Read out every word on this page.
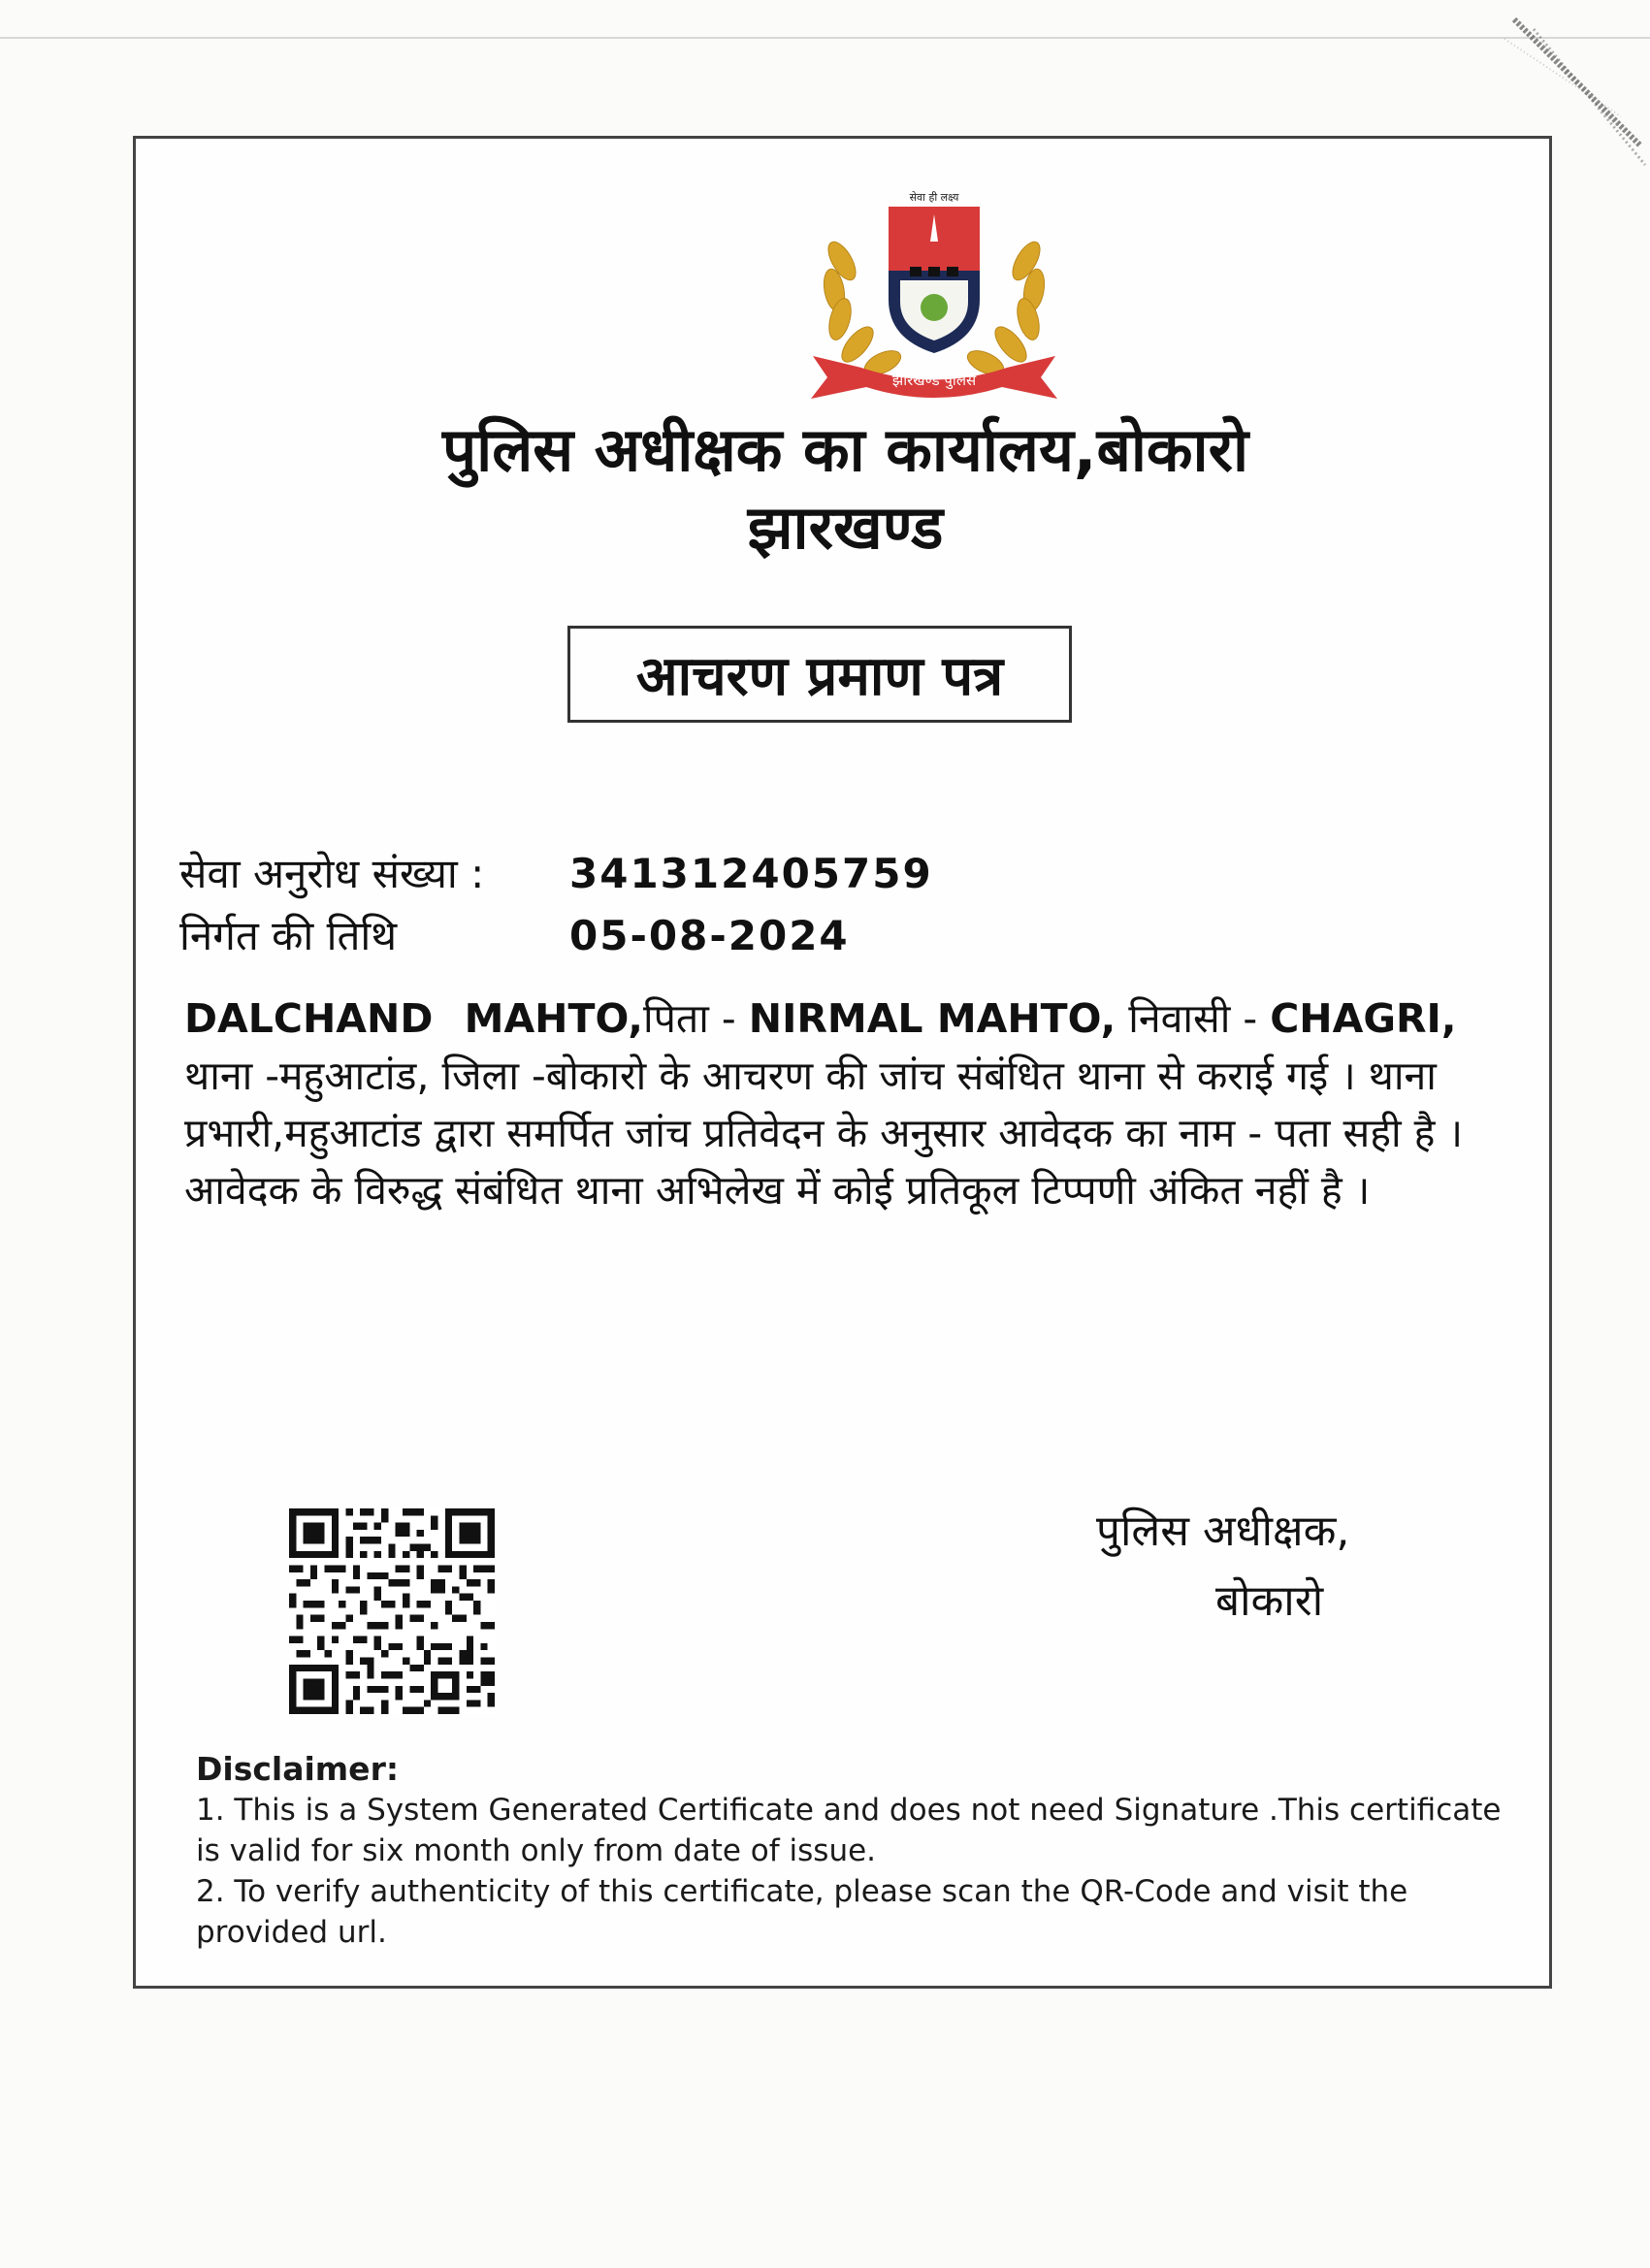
सेवा ही लक्ष्य
झारखण्ड पुलिस
पुलिस अधीक्षक का कार्यालय,बोकारो
झारखण्ड
आचरण प्रमाण पत्र
सेवा अनुरोध संख्या : 341312405759
निर्गत की तिथि	05-08-2024
DALCHAND MAHTO,पिता - NIRMAL MAHTO, निवासी - CHAGRI, थाना -महुआटांड, जिला -बोकारो के आचरण की जांच संबंधित थाना से कराई गई । थाना प्रभारी,महुआटांड द्वारा समर्पित जांच प्रतिवेदन के अनुसार आवेदक का नाम - पता सही है । आवेदक के विरुद्ध संबंधित थाना अभिलेख में कोई प्रतिकूल टिप्पणी अंकित नहीं है ।
पुलिस अधीक्षक,
बोकारो
Disclaimer:
1. This is a System Generated Certificate and does not need Signature .This certificate is valid for six month only from date of issue.
2. To verify authenticity of this certificate, please scan the QR-Code and visit the provided url.
